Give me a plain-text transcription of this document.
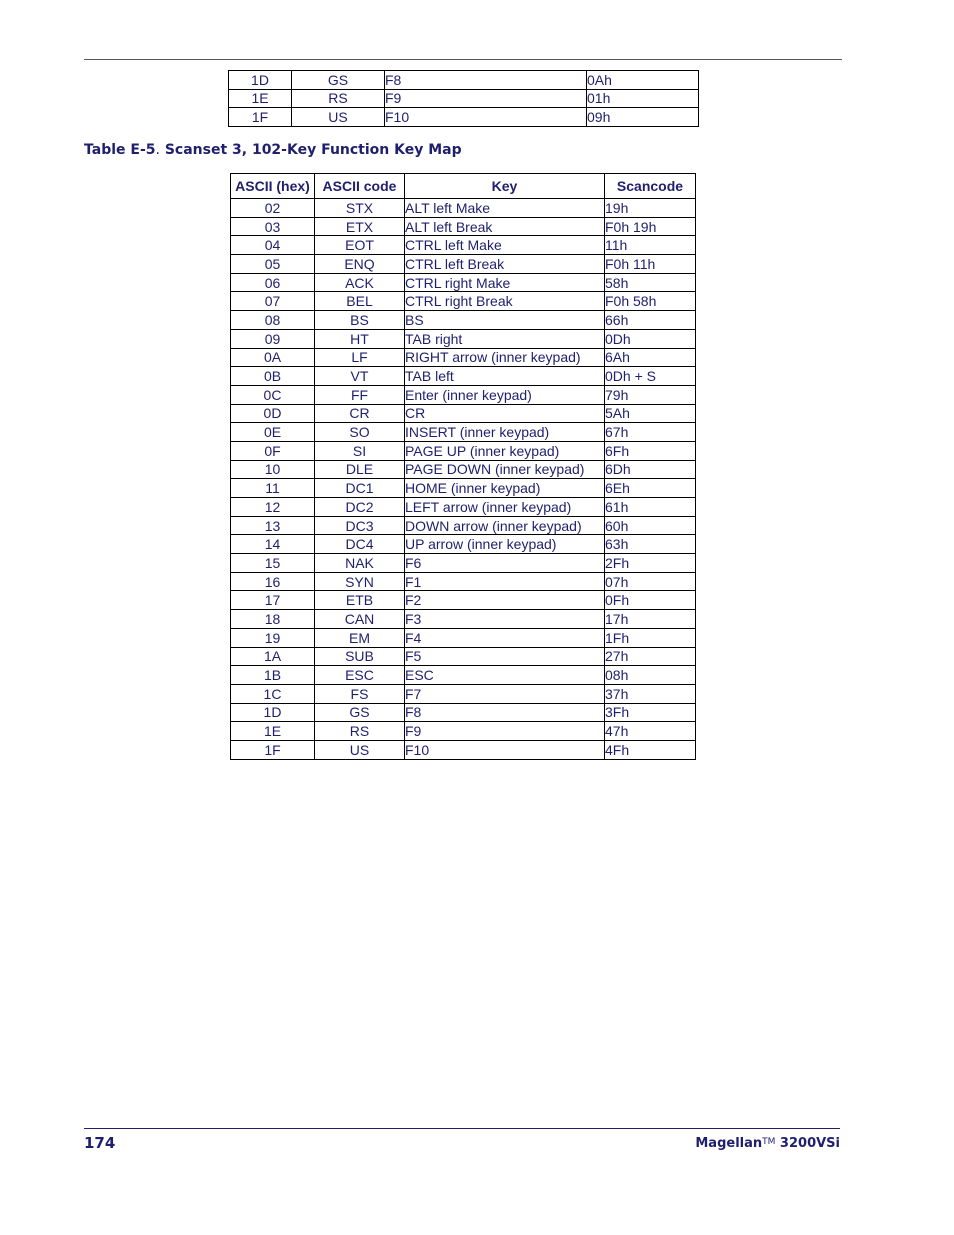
1D	GS	F8	0Ah
1E	RS	F9	01h
1F	US	F10	09h
Table E-5. Scanset 3, 102-Key Function Key Map
ASCII (hex)	ASCII code	Key	Scancode
02	STX	ALT left Make	19h
03	ETX	ALT left Break	F0h 19h
04	EOT	CTRL left Make	11h
05	ENQ	CTRL left Break	F0h 11h
06	ACK	CTRL right Make	58h
07	BEL	CTRL right Break	F0h 58h
08	BS	BS	66h
09	HT	TAB right	0Dh
0A	LF	RIGHT arrow (inner keypad)	6Ah
0B	VT	TAB left	0Dh + S
0C	FF	Enter (inner keypad)	79h
0D	CR	CR	5Ah
0E	SO	INSERT (inner keypad)	67h
0F	SI	PAGE UP (inner keypad)	6Fh
10	DLE	PAGE DOWN (inner keypad)	6Dh
11	DC1	HOME (inner keypad)	6Eh
12	DC2	LEFT arrow (inner keypad)	61h
13	DC3	DOWN arrow (inner keypad)	60h
14	DC4	UP arrow (inner keypad)	63h
15	NAK	F6	2Fh
16	SYN	F1	07h
17	ETB	F2	0Fh
18	CAN	F3	17h
19	EM	F4	1Fh
1A	SUB	F5	27h
1B	ESC	ESC	08h
1C	FS	F7	37h
1D	GS	F8	3Fh
1E	RS	F9	47h
1F	US	F10	4Fh
174	Magellan™ 3200VSi
